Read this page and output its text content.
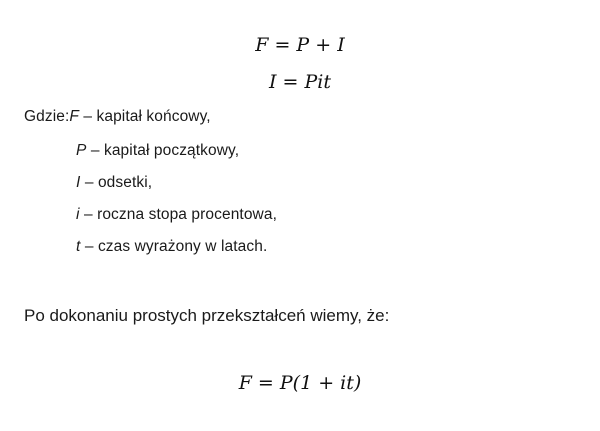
F = P + I
I = Pit
Gdzie:F – kapitał końcowy,
P – kapitał początkowy,
I – odsetki,
i – roczna stopa procentowa,
t – czas wyrażony w latach.
Po dokonaniu prostych przekształceń wiemy, że:
F = P(1 + it)
